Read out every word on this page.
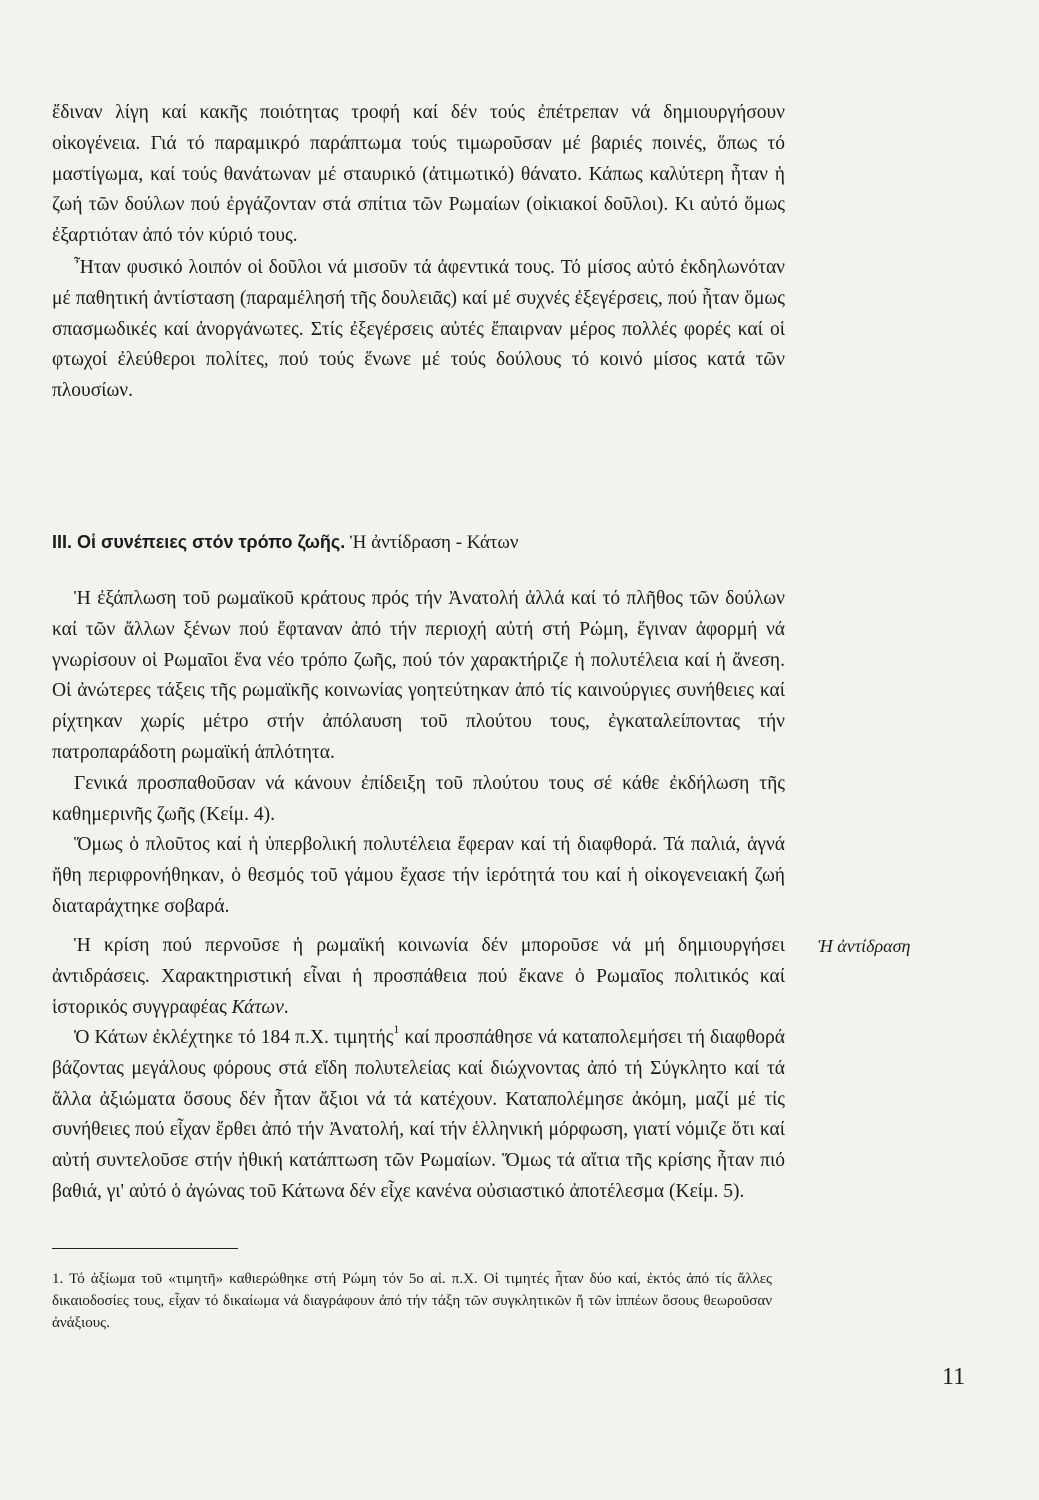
ἔδιναν λίγη καί κακῆς ποιότητας τροφή καί δέν τούς ἐπέτρεπαν νά δημιουργήσουν οἰκογένεια. Γιά τό παραμικρό παράπτωμα τούς τιμωροῦσαν μέ βαριές ποινές, ὅπως τό μαστίγωμα, καί τούς θανάτωναν μέ σταυρικό (ἀτιμωτικό) θάνατο. Κάπως καλύτερη ἦταν ἡ ζωή τῶν δούλων πού ἐργάζονταν στά σπίτια τῶν Ρωμαίων (οἰκιακοί δοῦλοι). Κι αὐτό ὅμως ἐξαρτιόταν ἀπό τόν κύριό τους.

Ἦταν φυσικό λοιπόν οἱ δοῦλοι νά μισοῦν τά ἀφεντικά τους. Τό μίσος αὐτό ἐκδηλωνόταν μέ παθητική ἀντίσταση (παραμέλησή τῆς δουλειᾶς) καί μέ συχνές ἐξεγέρσεις, πού ἦταν ὅμως σπασμωδικές καί ἀνοργάνωτες. Στίς ἐξεγέρσεις αὐτές ἔπαιρναν μέρος πολλές φορές καί οἱ φτωχοί ἐλεύθεροι πολίτες, πού τούς ἕνωνε μέ τούς δούλους τό κοινό μίσος κατά τῶν πλουσίων.

III. Οἱ συνέπειες στόν τρόπο ζωῆς. Ἡ ἀντίδραση - Κάτων

Ἡ ἐξάπλωση τοῦ ρωμαϊκοῦ κράτους πρός τήν Ἀνατολή ἀλλά καί τό πλῆθος τῶν δούλων καί τῶν ἄλλων ξένων πού ἔφταναν ἀπό τήν περιοχή αὐτή στή Ρώμη, ἔγιναν ἀφορμή νά γνωρίσουν οἱ Ρωμαῖοι ἕνα νέο τρόπο ζωῆς, πού τόν χαρακτήριζε ἡ πολυτέλεια καί ἡ ἄνεση. Οἱ ἀνώτερες τάξεις τῆς ρωμαϊκῆς κοινωνίας γοητεύτηκαν ἀπό τίς καινούργιες συνήθειες καί ρίχτηκαν χωρίς μέτρο στήν ἀπόλαυση τοῦ πλούτου τους, ἐγκαταλείποντας τήν πατροπαράδοτη ρωμαϊκή ἁπλότητα.

Γενικά προσπαθοῦσαν νά κάνουν ἐπίδειξη τοῦ πλούτου τους σέ κάθε ἐκδήλωση τῆς καθημερινῆς ζωῆς (Κείμ. 4).

Ὅμως ὁ πλοῦτος καί ἡ ὑπερβολική πολυτέλεια ἔφεραν καί τή διαφθορά. Τά παλιά, ἁγνά ἤθη περιφρονήθηκαν, ὁ θεσμός τοῦ γάμου ἔχασε τήν ἱερότητά του καί ἡ οἰκογενειακή ζωή διαταράχτηκε σοβαρά.

Ἡ κρίση πού περνοῦσε ἡ ρωμαϊκή κοινωνία δέν μποροῦσε νά μή δημιουργήσει ἀντιδράσεις. Χαρακτηριστική εἶναι ἡ προσπάθεια πού ἔκανε ὁ Ρωμαῖος πολιτικός καί ἱστορικός συγγραφέας Κάτων.

Ὁ Κάτων ἐκλέχτηκε τό 184 π.Χ. τιμητής$^1$ καί προσπάθησε νά καταπολεμήσει τή διαφθορά βάζοντας μεγάλους φόρους στά εἴδη πολυτελείας καί διώχνοντας ἀπό τή Σύγκλητο καί τά ἄλλα ἀξιώματα ὅσους δέν ἦταν ἄξιοι νά τά κατέχουν. Καταπολέμησε ἀκόμη, μαζί μέ τίς συνήθειες πού εἶχαν ἔρθει ἀπό τήν Ἀνατολή, καί τήν ἑλληνική μόρφωση, γιατί νόμιζε ὅτι καί αὐτή συντελοῦσε στήν ἠθική κατάπτωση τῶν Ρωμαίων. Ὅμως τά αἴτια τῆς κρίσης ἦταν πιό βαθιά, γι' αὐτό ὁ ἀγώνας τοῦ Κάτωνα δέν εἶχε κανένα οὐσιαστικό ἀποτέλεσμα (Κείμ. 5).

Ἡ ἀντίδραση

1. Τό ἀξίωμα τοῦ «τιμητῆ» καθιερώθηκε στή Ρώμη τόν 5ο αἰ. π.Χ. Οἱ τιμητές ἦταν δύο καί, ἐκτός ἀπό τίς ἄλλες δικαιοδοσίες τους, εἶχαν τό δικαίωμα νά διαγράφουν ἀπό τήν τάξη τῶν συγκλητικῶν ἤ τῶν ἱππέων ὅσους θεωροῦσαν ἀνάξιους.

11
